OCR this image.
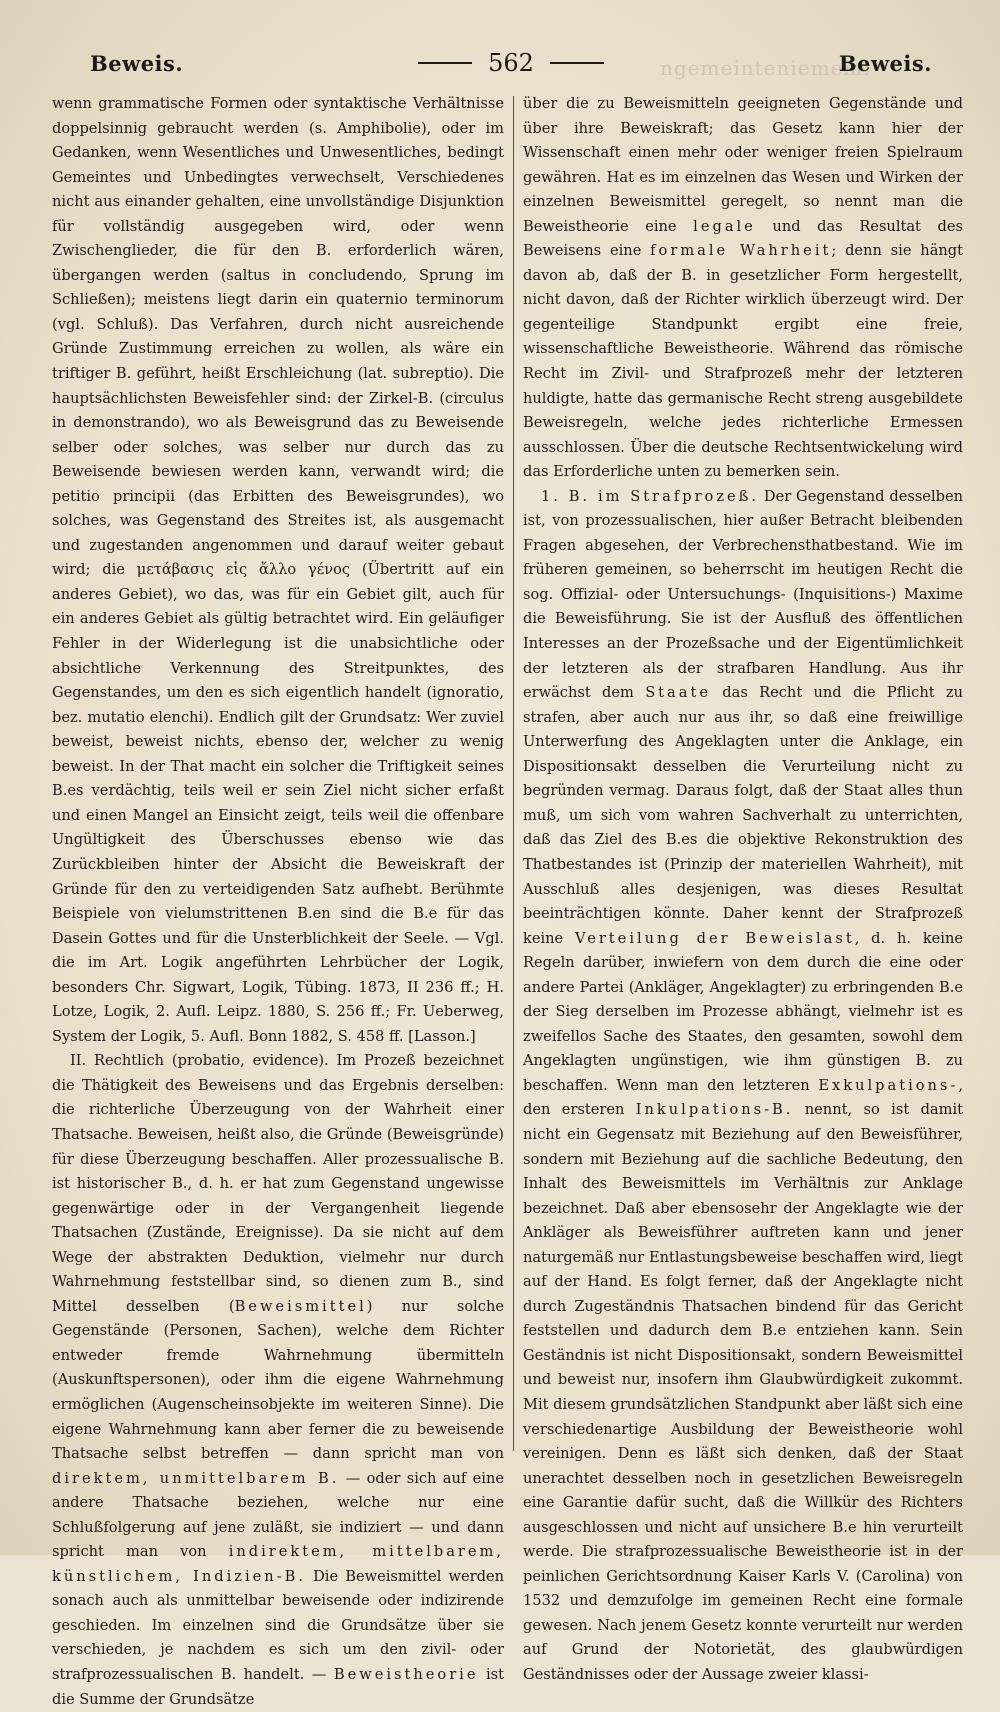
ngemeinteniemem.
Beweis.	562	Beweis.

wenn grammatische Formen oder syntaktische Verhältnisse doppelsinnig gebraucht werden (s. Amphibolie), oder im Gedanken, wenn Wesentliches und Unwesentliches, bedingt Gemeintes und Unbedingtes verwechselt, Verschiedenes nicht aus einander gehalten, eine unvollständige Disjunktion für vollständig ausgegeben wird, oder wenn Zwischenglieder, die für den B. erforderlich wären, übergangen werden (saltus in concludendo, Sprung im Schließen); meistens liegt darin ein quaternio terminorum (vgl. Schluß). Das Verfahren, durch nicht ausreichende Gründe Zustimmung erreichen zu wollen, als wäre ein triftiger B. geführt, heißt Erschleichung (lat. subreptio). Die hauptsächlichsten Beweisfehler sind: der Zirkel-B. (circulus in demonstrando), wo als Beweisgrund das zu Beweisende selber oder solches, was selber nur durch das zu Beweisende bewiesen werden kann, verwandt wird; die petitio principii (das Erbitten des Beweisgrundes), wo solches, was Gegenstand des Streites ist, als ausgemacht und zugestanden angenommen und darauf weiter gebaut wird; die μετάβασις εἰς ἄλλο γένος (Übertritt auf ein anderes Gebiet), wo das, was für ein Gebiet gilt, auch für ein anderes Gebiet als gültig betrachtet wird. Ein geläufiger Fehler in der Widerlegung ist die unabsichtliche oder absichtliche Verkennung des Streitpunktes, des Gegenstandes, um den es sich eigentlich handelt (ignoratio, bez. mutatio elenchi). Endlich gilt der Grundsatz: Wer zuviel beweist, beweist nichts, ebenso der, welcher zu wenig beweist. In der That macht ein solcher die Triftigkeit seines B.es verdächtig, teils weil er sein Ziel nicht sicher erfaßt und einen Mangel an Einsicht zeigt, teils weil die offenbare Ungültigkeit des Überschusses ebenso wie das Zurückbleiben hinter der Absicht die Beweiskraft der Gründe für den zu verteidigenden Satz aufhebt. Berühmte Beispiele von vielumstrittenen B.en sind die B.e für das Dasein Gottes und für die Unsterblichkeit der Seele. — Vgl. die im Art. Logik angeführten Lehrbücher der Logik, besonders Chr. Sigwart, Logik, Tübing. 1873, II 236 ff.; H. Lotze, Logik, 2. Aufl. Leipz. 1880, S. 256 ff.; Fr. Ueberweg, System der Logik, 5. Aufl. Bonn 1882, S. 458 ff. [Lasson.]

II. Rechtlich (probatio, evidence). Im Prozeß bezeichnet die Thätigkeit des Beweisens und das Ergebnis derselben: die richterliche Überzeugung von der Wahrheit einer Thatsache. Beweisen, heißt also, die Gründe (Beweisgründe) für diese Überzeugung beschaffen. Aller prozessualische B. ist historischer B., d. h. er hat zum Gegenstand ungewisse gegenwärtige oder in der Vergangenheit liegende Thatsachen (Zustände, Ereignisse). Da sie nicht auf dem Wege der abstrakten Deduktion, vielmehr nur durch Wahrnehmung feststellbar sind, so dienen zum B., sind Mittel desselben (Beweismittel) nur solche Gegenstände (Personen, Sachen), welche dem Richter entweder fremde Wahrnehmung übermitteln (Auskunftspersonen), oder ihm die eigene Wahrnehmung ermöglichen (Augenscheinsobjekte im weiteren Sinne). Die eigene Wahrnehmung kann aber ferner die zu beweisende Thatsache selbst betreffen — dann spricht man von direktem, unmittelbarem B. — oder sich auf eine andere Thatsache beziehen, welche nur eine Schlußfolgerung auf jene zuläßt, sie indiziert — und dann spricht man von indirektem, mittelbarem, künstlichem, Indizien-B. Die Beweismittel werden sonach auch als unmittelbar beweisende oder indizirende geschieden. Im einzelnen sind die Grundsätze über sie verschieden, je nachdem es sich um den zivil- oder strafprozessualischen B. handelt. — Beweistheorie ist die Summe der Grundsätze

über die zu Beweismitteln geeigneten Gegenstände und über ihre Beweiskraft; das Gesetz kann hier der Wissenschaft einen mehr oder weniger freien Spielraum gewähren. Hat es im einzelnen das Wesen und Wirken der einzelnen Beweismittel geregelt, so nennt man die Beweistheorie eine legale und das Resultat des Beweisens eine formale Wahrheit; denn sie hängt davon ab, daß der B. in gesetzlicher Form hergestellt, nicht davon, daß der Richter wirklich überzeugt wird. Der gegenteilige Standpunkt ergibt eine freie, wissenschaftliche Beweistheorie. Während das römische Recht im Zivil- und Strafprozeß mehr der letzteren huldigte, hatte das germanische Recht streng ausgebildete Beweisregeln, welche jedes richterliche Ermessen ausschlossen. Über die deutsche Rechtsentwickelung wird das Erforderliche unten zu bemerken sein.

1. B. im Strafprozeß. Der Gegenstand desselben ist, von prozessualischen, hier außer Betracht bleibenden Fragen abgesehen, der Verbrechensthatbestand. Wie im früheren gemeinen, so beherrscht im heutigen Recht die sog. Offizial- oder Untersuchungs- (Inquisitions-) Maxime die Beweisführung. Sie ist der Ausfluß des öffentlichen Interesses an der Prozeßsache und der Eigentümlichkeit der letzteren als der strafbaren Handlung. Aus ihr erwächst dem Staate das Recht und die Pflicht zu strafen, aber auch nur aus ihr, so daß eine freiwillige Unterwerfung des Angeklagten unter die Anklage, ein Dispositionsakt desselben die Verurteilung nicht zu begründen vermag. Daraus folgt, daß der Staat alles thun muß, um sich vom wahren Sachverhalt zu unterrichten, daß das Ziel des B.es die objektive Rekonstruktion des Thatbestandes ist (Prinzip der materiellen Wahrheit), mit Ausschluß alles desjenigen, was dieses Resultat beeinträchtigen könnte. Daher kennt der Strafprozeß keine Verteilung der Beweislast, d. h. keine Regeln darüber, inwiefern von dem durch die eine oder andere Partei (Ankläger, Angeklagter) zu erbringenden B.e der Sieg derselben im Prozesse abhängt, vielmehr ist es zweifellos Sache des Staates, den gesamten, sowohl dem Angeklagten ungünstigen, wie ihm günstigen B. zu beschaffen. Wenn man den letzteren Exkulpations-, den ersteren Inkulpations-B. nennt, so ist damit nicht ein Gegensatz mit Beziehung auf den Beweisführer, sondern mit Beziehung auf die sachliche Bedeutung, den Inhalt des Beweismittels im Verhältnis zur Anklage bezeichnet. Daß aber ebensosehr der Angeklagte wie der Ankläger als Beweisführer auftreten kann und jener naturgemäß nur Entlastungsbeweise beschaffen wird, liegt auf der Hand. Es folgt ferner, daß der Angeklagte nicht durch Zugeständnis Thatsachen bindend für das Gericht feststellen und dadurch dem B.e entziehen kann. Sein Geständnis ist nicht Dispositionsakt, sondern Beweismittel und beweist nur, insofern ihm Glaubwürdigkeit zukommt. Mit diesem grundsätzlichen Standpunkt aber läßt sich eine verschiedenartige Ausbildung der Beweistheorie wohl vereinigen. Denn es läßt sich denken, daß der Staat unerachtet desselben noch in gesetzlichen Beweisregeln eine Garantie dafür sucht, daß die Willkür des Richters ausgeschlossen und nicht auf unsichere B.e hin verurteilt werde. Die strafprozessualische Beweistheorie ist in der peinlichen Gerichtsordnung Kaiser Karls V. (Carolina) von 1532 und demzufolge im gemeinen Recht eine formale gewesen. Nach jenem Gesetz konnte verurteilt nur werden auf Grund der Notorietät, des glaubwürdigen Geständnisses oder der Aussage zweier klassi-
